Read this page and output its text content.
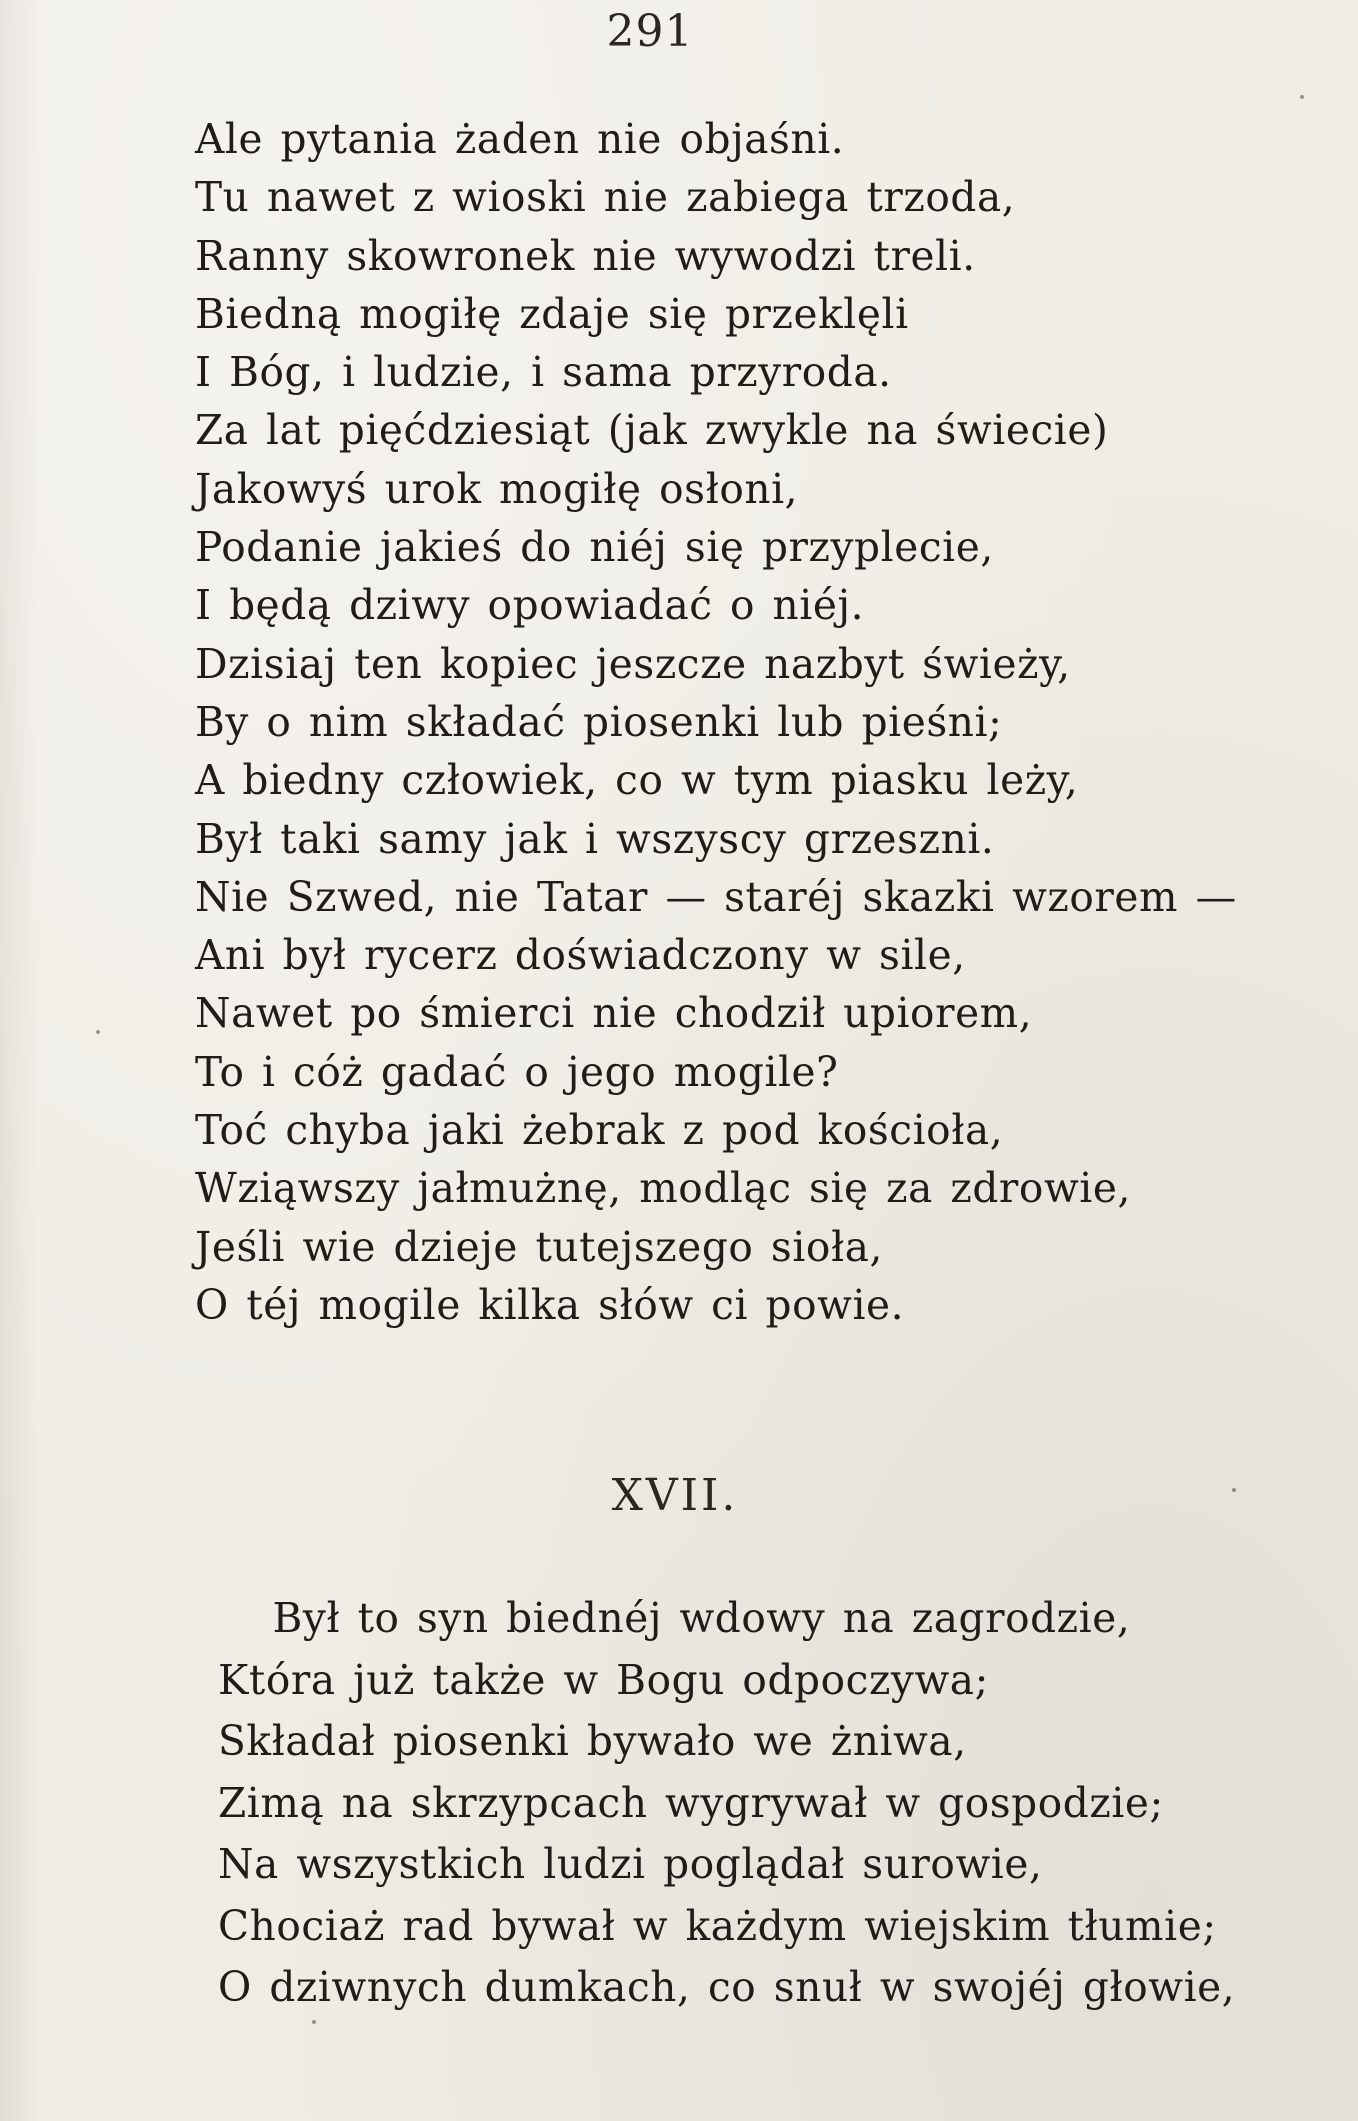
291
Ale pytania żaden nie objaśni.
Tu nawet z wioski nie zabiega trzoda,
Ranny skowronek nie wywodzi treli.
Biedną mogiłę zdaje się przeklęli
I Bóg, i ludzie, i sama przyroda.
Za lat pięćdziesiąt (jak zwykle na świecie)
Jakowyś urok mogiłę osłoni,
Podanie jakieś do niéj się przyplecie,
I będą dziwy opowiadać o niéj.
Dzisiaj ten kopiec jeszcze nazbyt świeży,
By o nim składać piosenki lub pieśni;
A biedny człowiek, co w tym piasku leży,
Był taki samy jak i wszyscy grzeszni.
Nie Szwed, nie Tatar — staréj skazki wzorem —
Ani był rycerz doświadczony w sile,
Nawet po śmierci nie chodził upiorem,
To i cóż gadać o jego mogile?
Toć chyba jaki żebrak z pod kościoła,
Wziąwszy jałmużnę, modląc się za zdrowie,
Jeśli wie dzieje tutejszego sioła,
O téj mogile kilka słów ci powie.
XVII.
Był to syn biednéj wdowy na zagrodzie,
Która już także w Bogu odpoczywa;
Składał piosenki bywało we żniwa,
Zimą na skrzypcach wygrywał w gospodzie;
Na wszystkich ludzi poglądał surowie,
Chociaż rad bywał w każdym wiejskim tłumie;
O dziwnych dumkach, co snuł w swojéj głowie,
